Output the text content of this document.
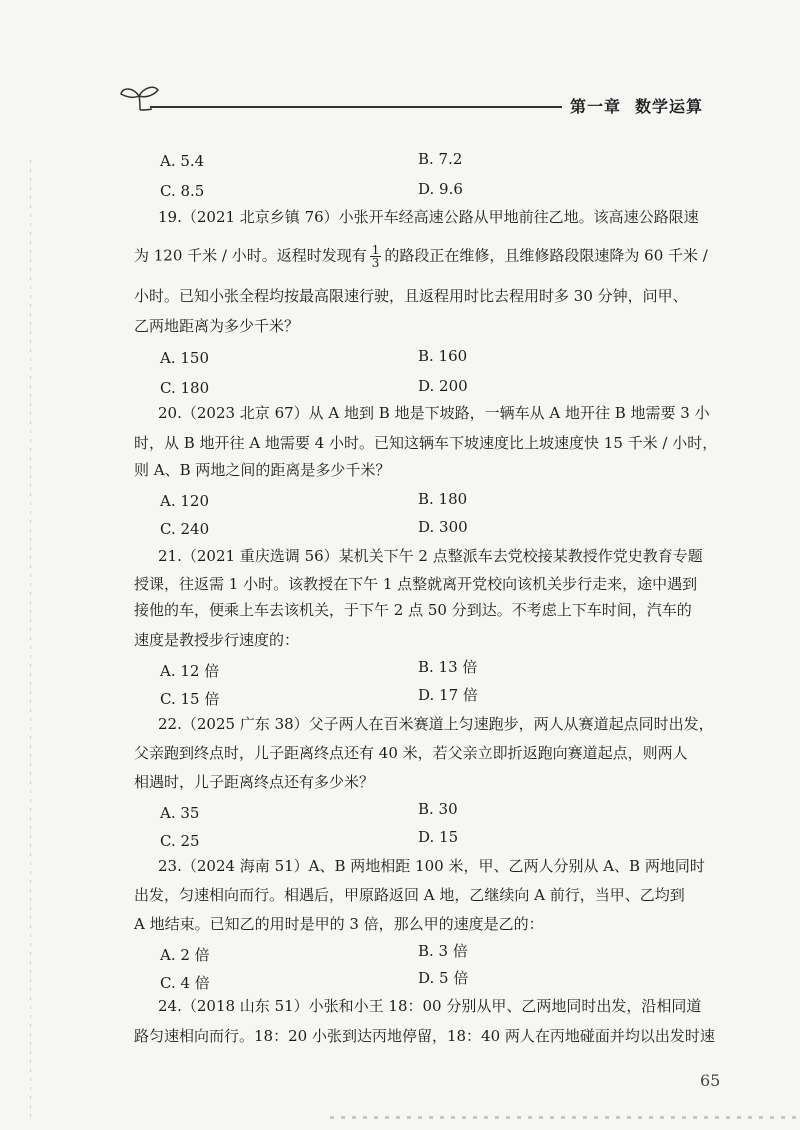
第一章 数学运算
A. 5.4	B. 7.2
C. 8.5	D. 9.6
19.（2021 北京乡镇 76）小张开车经高速公路从甲地前往乙地。该高速公路限速
为 120 千米 / 小时。返程时发现有 $\frac{1}{3}$ 的路段正在维修，且维修路段限速降为 60 千米 /
小时。已知小张全程均按最高限速行驶，且返程用时比去程用时多 30 分钟，问甲、
乙两地距离为多少千米？
A. 150	B. 160
C. 180	D. 200
20.（2023 北京 67）从 A 地到 B 地是下坡路，一辆车从 A 地开往 B 地需要 3 小
时，从 B 地开往 A 地需要 4 小时。已知这辆车下坡速度比上坡速度快 15 千米 / 小时，
则 A、B 两地之间的距离是多少千米？
A. 120	B. 180
C. 240	D. 300
21.（2021 重庆选调 56）某机关下午 2 点整派车去党校接某教授作党史教育专题
授课，往返需 1 小时。该教授在下午 1 点整就离开党校向该机关步行走来，途中遇到
接他的车，便乘上车去该机关，于下午 2 点 50 分到达。不考虑上下车时间，汽车的
速度是教授步行速度的：
A. 12 倍	B. 13 倍
C. 15 倍	D. 17 倍
22.（2025 广东 38）父子两人在百米赛道上匀速跑步，两人从赛道起点同时出发，
父亲跑到终点时，儿子距离终点还有 40 米，若父亲立即折返跑向赛道起点，则两人
相遇时，儿子距离终点还有多少米？
A. 35	B. 30
C. 25	D. 15
23.（2024 海南 51）A、B 两地相距 100 米，甲、乙两人分别从 A、B 两地同时
出发，匀速相向而行。相遇后，甲原路返回 A 地，乙继续向 A 前行，当甲、乙均到
A 地结束。已知乙的用时是甲的 3 倍，那么甲的速度是乙的：
A. 2 倍	B. 3 倍
C. 4 倍	D. 5 倍
24.（2018 山东 51）小张和小王 18：00 分别从甲、乙两地同时出发，沿相同道
路匀速相向而行。18：20 小张到达丙地停留，18：40 两人在丙地碰面并均以出发时速
65
